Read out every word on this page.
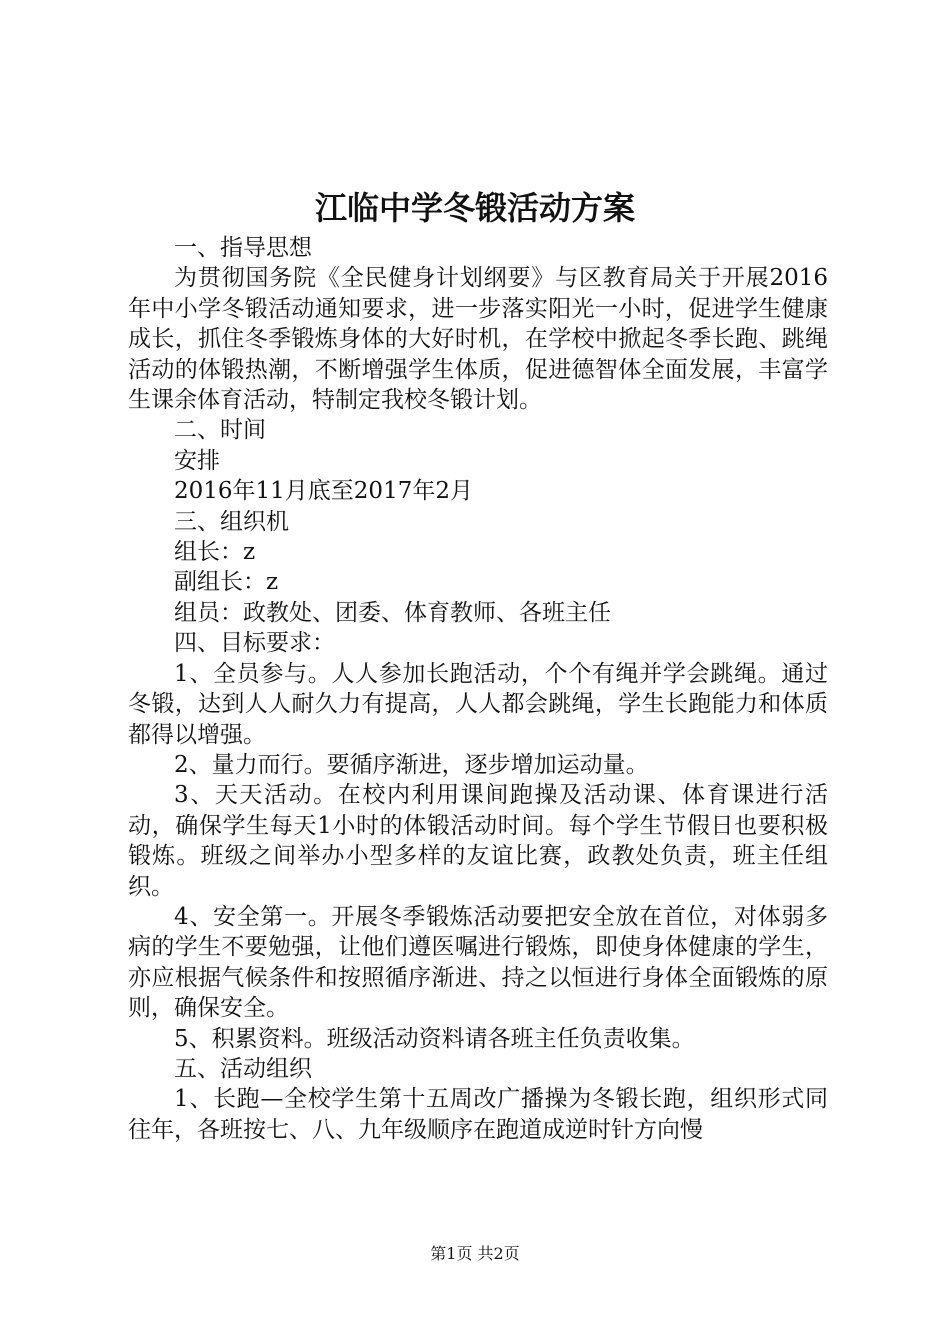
江临中学冬锻活动方案

一、指导思想

为贯彻国务院《全民健身计划纲要》与区教育局关于开展2016年中小学冬锻活动通知要求，进一步落实阳光一小时，促进学生健康成长，抓住冬季锻炼身体的大好时机，在学校中掀起冬季长跑、跳绳活动的体锻热潮，不断增强学生体质，促进德智体全面发展，丰富学生课余体育活动，特制定我校冬锻计划。

二、时间

安排

2016年11月底至2017年2月

三、组织机

组长：z

副组长：z

组员：政教处、团委、体育教师、各班主任

四、目标要求：

1、全员参与。人人参加长跑活动，个个有绳并学会跳绳。通过冬锻，达到人人耐久力有提高，人人都会跳绳，学生长跑能力和体质都得以增强。

2、量力而行。要循序渐进，逐步增加运动量。

3、天天活动。在校内利用课间跑操及活动课、体育课进行活动，确保学生每天1小时的体锻活动时间。每个学生节假日也要积极锻炼。班级之间举办小型多样的友谊比赛，政教处负责，班主任组织。

4、安全第一。开展冬季锻炼活动要把安全放在首位，对体弱多病的学生不要勉强，让他们遵医嘱进行锻炼，即使身体健康的学生，亦应根据气候条件和按照循序渐进、持之以恒进行身体全面锻炼的原则，确保安全。

5、积累资料。班级活动资料请各班主任负责收集。

五、活动组织

1、长跑—全校学生第十五周改广播操为冬锻长跑，组织形式同往年，各班按七、八、九年级顺序在跑道成逆时针方向慢

第1页 共2页
